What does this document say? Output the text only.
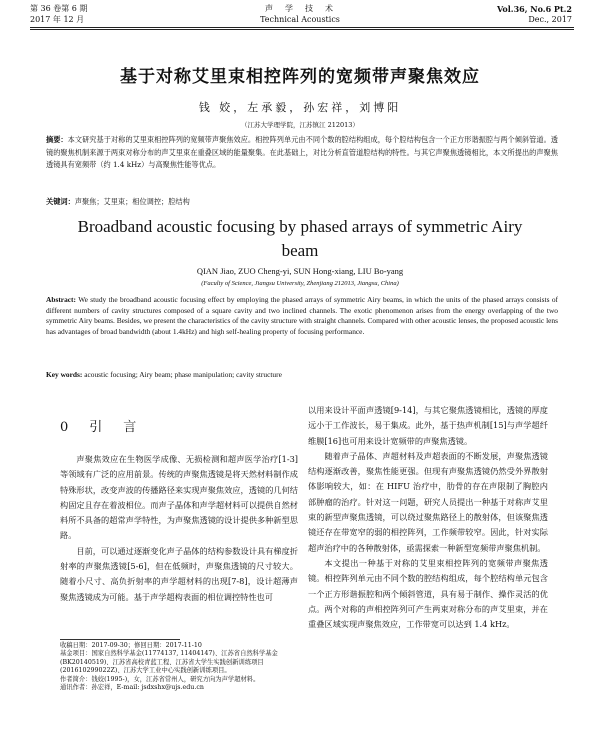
第 36 卷第 6 期
2017 年 12 月
声　学　技　术
Technical Acoustics
Vol.36, No.6 Pt.2
Dec., 2017
基于对称艾里束相控阵列的宽频带声聚焦效应
钱 姣，左承毅，孙宏祥，刘博阳
（江苏大学理学院，江苏镇江 212013）
摘要：本文研究基于对称的艾里束相控阵列的宽频带声聚焦效应。相控阵列单元由不同个数的腔结构组成，每个腔结构包含一个正方形谐振腔与两个倾斜管道。透镜的聚焦机制来源于两束对称分布的声艾里束在重叠区域的能量聚集。在此基础上，对比分析直管道腔结构的特性。与其它声聚焦透镜相比，本文所提出的声聚焦透镜具有宽频带（约 1.4 kHz）与高聚焦性能等优点。
关键词：声聚焦；艾里束；相位调控；腔结构
Broadband acoustic focusing by phased arrays of symmetric Airy beam
QIAN Jiao, ZUO Cheng-yi, SUN Hong-xiang, LIU Bo-yang
(Faculty of Science, Jiangsu University, Zhenjiang 212013, Jiangsu, China)
Abstract: We study the broadband acoustic focusing effect by employing the phased arrays of symmetric Airy beams, in which the units of the phased arrays consists of different numbers of cavity structures composed of a square cavity and two inclined channels. The exotic phenomenon arises from the energy overlapping of the two symmetric Airy beams. Besides, we present the characteristics of the cavity structure with straight channels. Compared with other acoustic lenses, the proposed acoustic lens has advantages of broad bandwidth (about 1.4kHz) and high self-healing property of focusing performance.
Key words: acoustic focusing; Airy beam; phase manipulation; cavity structure
0　引　言

声聚焦效应在生物医学成像、无损检测和超声医学治疗[1-3]等领域有广泛的应用前景。传统的声聚焦透镜是将天然材料制作成特殊形状，改变声波的传播路径来实现声聚焦效应，透镜的几何结构固定且存在着波相位。而声子晶体和声学超材料可以提供自然材料所不具备的超常声学特性，为声聚焦透镜的设计提供多种新型思路。

目前，可以通过逐渐变化声子晶体的结构参数设计具有梯度折射率的声聚焦透镜[5-6]，但在低频时，声聚焦透镜的尺寸较大。随着小尺寸、高负折射率的声学超材料的出现[7-8]，设计超薄声聚焦透镜成为可能。基于声学超构表面的相位调控特性也可

以用来设计平面声透镜[9-14]，与其它聚焦透镜相比，透镜的厚度远小于工作波长，易于集成。此外，基于热声机制[15]与声学超纤维膜[16]也可用来设计宽频带的声聚焦透镜。

随着声子晶体、声超材料及声超表面的不断发展，声聚焦透镜结构逐渐改善，聚焦性能更强。但现有声聚焦透镜仍然受外界散射体影响较大，如：在 HIFU 治疗中，肋骨的存在声限制了胸腔内部肿瘤的治疗。针对这一问题，研究人员提出一种基于对称声艾里束的新型声聚焦透镜，可以绕过聚焦路径上的散射体，但该聚焦透镜还存在带宽窄的弱的相控阵列，工作频带较窄。因此，针对实际超声治疗中的各种散射体，亟需探索一种新型宽频带声聚焦机制。

本文提出一种基于对称的艾里束相控阵列的宽频带声聚焦透镜。相控阵列单元由不同个数的腔结构组成，每个腔结构单元包含一个正方形谐振腔和两个倾斜管道，具有易于制作、操作灵活的优点。两个对称的声相控阵列可产生两束对称分布的声艾里束，并在重叠区域实现声聚焦效应，工作带宽可以达到 1.4 kHz。

收稿日期：2017-09-30；修回日期：2017-11-10
基金项目：国家自然科学基金(11774137, 11404147)、江苏省自然科学基金(BK20140519)、江苏省高校青蓝工程、江苏省大学生实践创新训练项目(201610299022Z)、江苏大学工业中心实践创新训练项目。
作者简介：钱姣(1995-)，女，江苏省常州人，研究方向为声学超材料。
通讯作者：孙宏祥，E-mail: jsdxshx@ujs.edu.cn
